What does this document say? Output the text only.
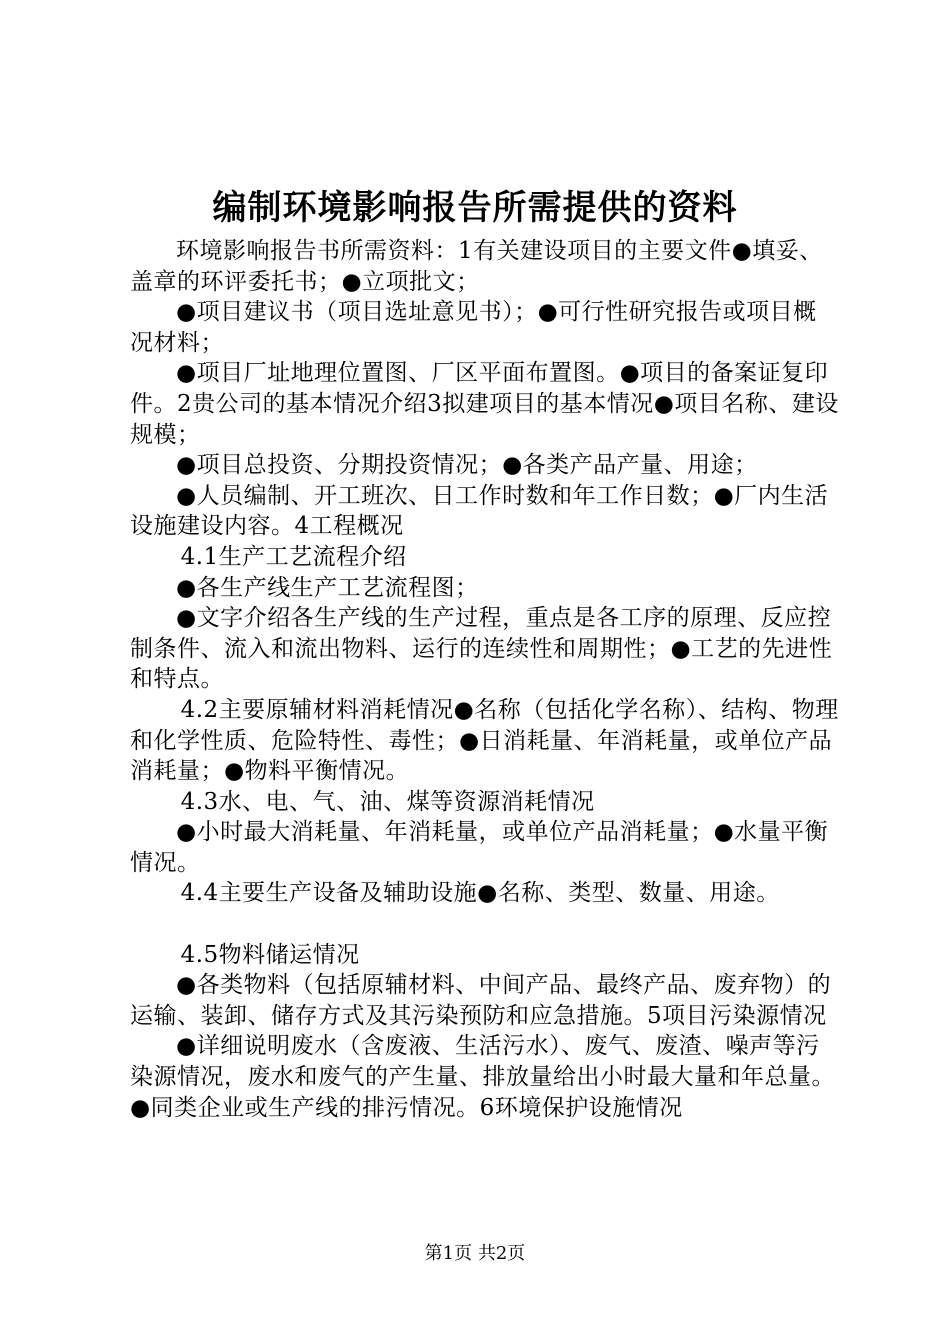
编制环境影响报告所需提供的资料

环境影响报告书所需资料：1有关建设项目的主要文件●填妥、盖章的环评委托书；●立项批文；

●项目建议书（项目选址意见书）；●可行性研究报告或项目概况材料；

●项目厂址地理位置图、厂区平面布置图。●项目的备案证复印件。2贵公司的基本情况介绍3拟建项目的基本情况●项目名称、建设规模；

●项目总投资、分期投资情况；●各类产品产量、用途；

●人员编制、开工班次、日工作时数和年工作日数；●厂内生活设施建设内容。4工程概况

4.1生产工艺流程介绍

●各生产线生产工艺流程图；

●文字介绍各生产线的生产过程，重点是各工序的原理、反应控制条件、流入和流出物料、运行的连续性和周期性；●工艺的先进性和特点。

4.2主要原辅材料消耗情况●名称（包括化学名称）、结构、物理和化学性质、危险特性、毒性；●日消耗量、年消耗量，或单位产品消耗量；●物料平衡情况。

4.3水、电、气、油、煤等资源消耗情况

●小时最大消耗量、年消耗量，或单位产品消耗量；●水量平衡情况。

4.4主要生产设备及辅助设施●名称、类型、数量、用途。

4.5物料储运情况

●各类物料（包括原辅材料、中间产品、最终产品、废弃物）的运输、装卸、储存方式及其污染预防和应急措施。5项目污染源情况

●详细说明废水（含废液、生活污水）、废气、废渣、噪声等污染源情况，废水和废气的产生量、排放量给出小时最大量和年总量。●同类企业或生产线的排污情况。6环境保护设施情况

第1页 共2页
